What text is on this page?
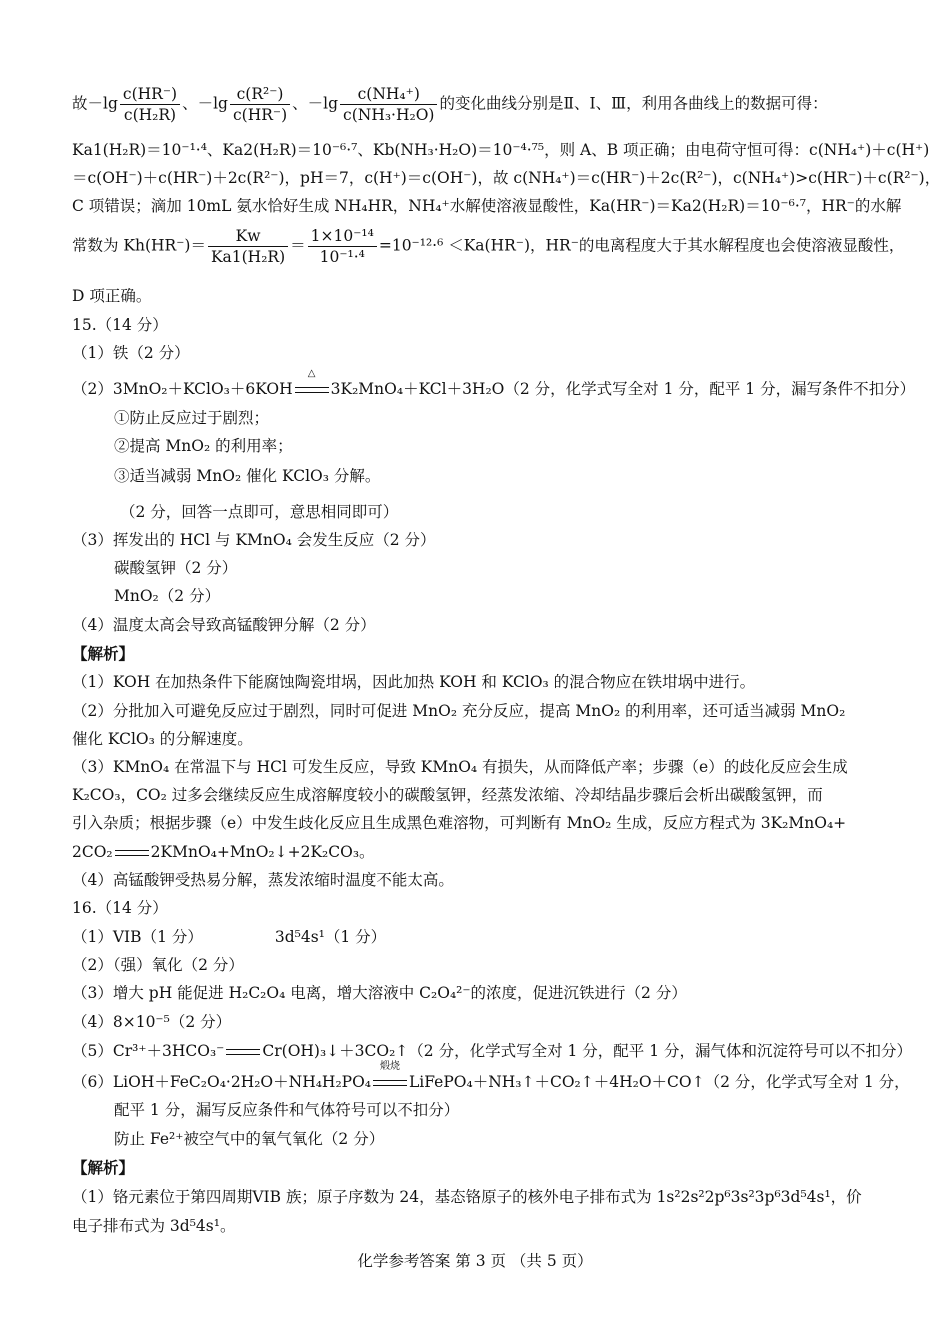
故$-\lg \frac{c(HR^-)}{\text{c(H₂R)}}$ 、$-\lg \frac{\text{c(R²⁻)}}{c(HR^-)}$ 、$-\lg \frac{\text{c(NH₄⁺)}}{\text{c(NH₃·H₂O)}}$ 的变化曲线分别是Ⅱ、Ⅰ、Ⅲ，利用各曲线上的数据可得：
Ka1(H₂R)＝10⁻¹·⁴、Ka2(H₂R)＝10⁻⁶·⁷、Kb(NH₃·H₂O)＝10⁻⁴·⁷⁵，则 A、B 项正确；由电荷守恒可得：c(NH₄⁺)＋c(H⁺)
＝c(OH⁻)＋c(HR⁻)＋2c(R²⁻)，pH＝7，c(H⁺)＝c(OH⁻)，故 c(NH₄⁺)＝c(HR⁻)＋2c(R²⁻)，c(NH₄⁺)>c(HR⁻)＋c(R²⁻)，
C 项错误；滴加 10mL 氨水恰好生成 NH₄HR，NH₄⁺水解使溶液显酸性，Ka(HR⁻)＝Ka2(H₂R)＝10⁻⁶·⁷，HR⁻的水解
常数为 $Kh(HR^-)= \frac{Kw}{\text{Ka1(H₂R)}} = \frac{\text{1×10⁻¹⁴}}{\text{10⁻¹·⁴}} =10^{-12}\cdot^6 <Ka(HR^-)$，HR⁻的电离程度大于其水解程度也会使溶液显酸性，
D 项正确。
15.（14 分）
（1）铁（2 分）
（2）3MnO₂＋KClO₃＋6KOH
△
3K₂MnO₄＋KCl＋3H₂O（2 分，化学式写全对 1 分，配平 1 分，漏写条件不扣分）
①防止反应过于剧烈；
②提高 MnO₂ 的利用率；
③适当减弱 MnO₂ 催化 KClO₃ 分解。
（2 分，回答一点即可，意思相同即可）
（3）挥发出的 HCl 与 KMnO₄ 会发生反应（2 分）
碳酸氢钾（2 分）
MnO₂（2 分）
（4）温度太高会导致高锰酸钾分解（2 分）
【解析】
（1）KOH 在加热条件下能腐蚀陶瓷坩埚，因此加热 KOH 和 KClO₃ 的混合物应在铁坩埚中进行。
（2）分批加入可避免反应过于剧烈，同时可促进 MnO₂ 充分反应，提高 MnO₂ 的利用率，还可适当减弱 MnO₂
催化 KClO₃ 的分解速度。
（3）KMnO₄ 在常温下与 HCl 可发生反应，导致 KMnO₄ 有损失，从而降低产率；步骤（e）的歧化反应会生成
K₂CO₃，CO₂ 过多会继续反应生成溶解度较小的碳酸氢钾，经蒸发浓缩、冷却结晶步骤后会析出碳酸氢钾，而
引入杂质；根据步骤（e）中发生歧化反应且生成黑色难溶物，可判断有 MnO₂ 生成，反应方程式为 3K₂MnO₄+
2CO₂ 2KMnO₄+MnO₂↓+2K₂CO₃。
（4）高锰酸钾受热易分解，蒸发浓缩时温度不能太高。
16.（14 分）
（1）VIB（1 分）	3d⁵4s¹（1 分）
（2）（强）氧化（2 分）
（3）增大 pH 能促进 H₂C₂O₄ 电离，增大溶液中 C₂O₄²⁻的浓度，促进沉铁进行（2 分）
（4）8×10⁻⁵（2 分）
（5）Cr³⁺＋3HCO₃⁻ Cr(OH)₃↓＋3CO₂↑（2 分，化学式写全对 1 分，配平 1 分，漏气体和沉淀符号可以不扣分）
（6）LiOH＋FeC₂O₄·2H₂O＋NH₄H₂PO₄
煅烧
LiFePO₄＋NH₃↑＋CO₂↑＋4H₂O＋CO↑（2 分，化学式写全对 1 分，
配平 1 分，漏写反应条件和气体符号可以不扣分）
防止 Fe²⁺被空气中的氧气氧化（2 分）
【解析】
（1）铬元素位于第四周期VIB 族；原子序数为 24，基态铬原子的核外电子排布式为 1s²2s²2p⁶3s²3p⁶3d⁵4s¹，价
电子排布式为 3d⁵4s¹。
化学参考答案 第 3 页 （共 5 页）
